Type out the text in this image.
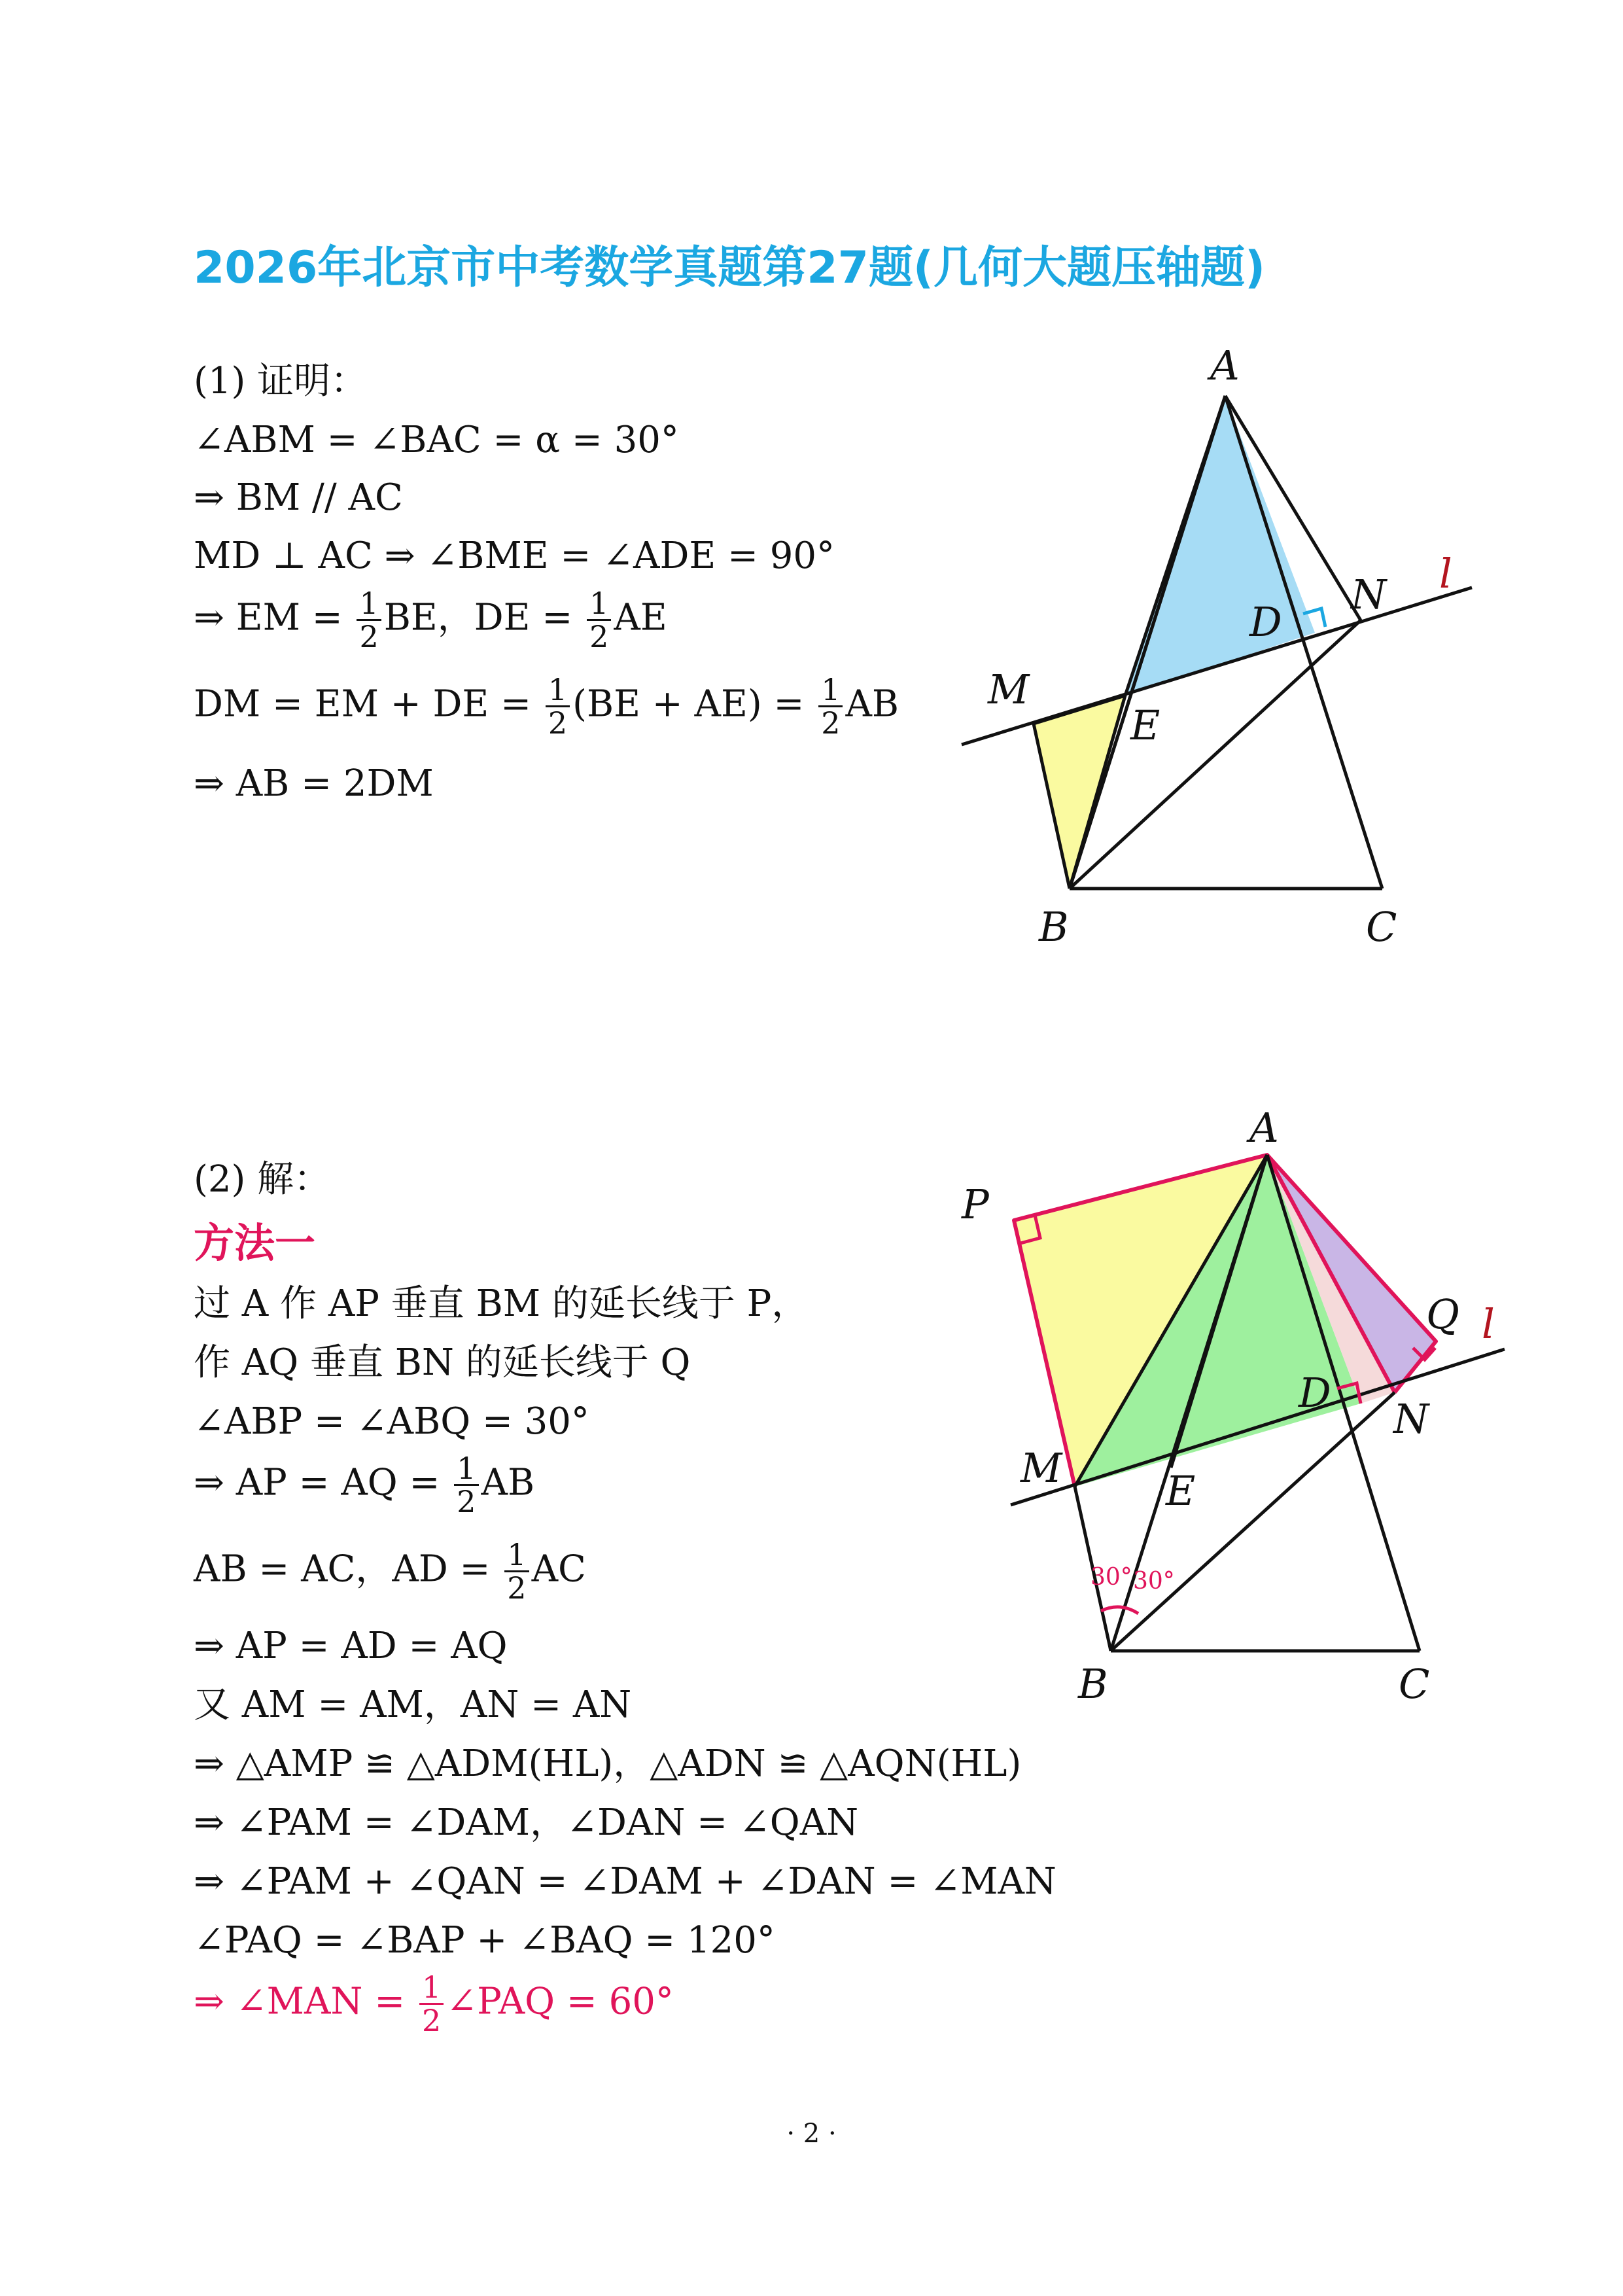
2026年北京市中考数学真题第27题(几何大题压轴题)
(1) 证明：
∠ABM = ∠BAC = α = 30°
⇒ BM // AC
MD ⊥ AC ⇒ ∠BME = ∠ADE = 90°
⇒ EM = $\frac{1}{2}$ BE，DE = $\frac{1}{2}$ AE
DM = EM + DE = $\frac{1}{2} (BE + AE) = \frac{1}{2}$ AB
⇒ AB = 2DM
A
B	C
D
E
M
N l
(2) 解：
方法一
过 A 作 AP 垂直 BM 的延长线于 P，
作 AQ 垂直 BN 的延长线于 Q
∠ABP = ∠ABQ = 30°
⇒ AP = AQ = $\frac{1}{2}$ AB
AB = AC，AD = $\frac{1}{2}$ AC
⇒ AP = AD = AQ
又 AM = AM，AN = AN
⇒ △AMP ≌ △ADM(HL)，△ADN ≌ △AQN(HL)
⇒ ∠PAM = ∠DAM，∠DAN = ∠QAN
⇒ ∠PAM + ∠QAN = ∠DAM + ∠DAN = ∠MAN
∠PAQ = ∠BAP + ∠BAQ = 120°
⇒ ∠MAN = $\frac{1}{2}$ ∠PAQ = 60°
P
A
Q l
D
N
M	E
B	C
30° 30°
· 2 ·
